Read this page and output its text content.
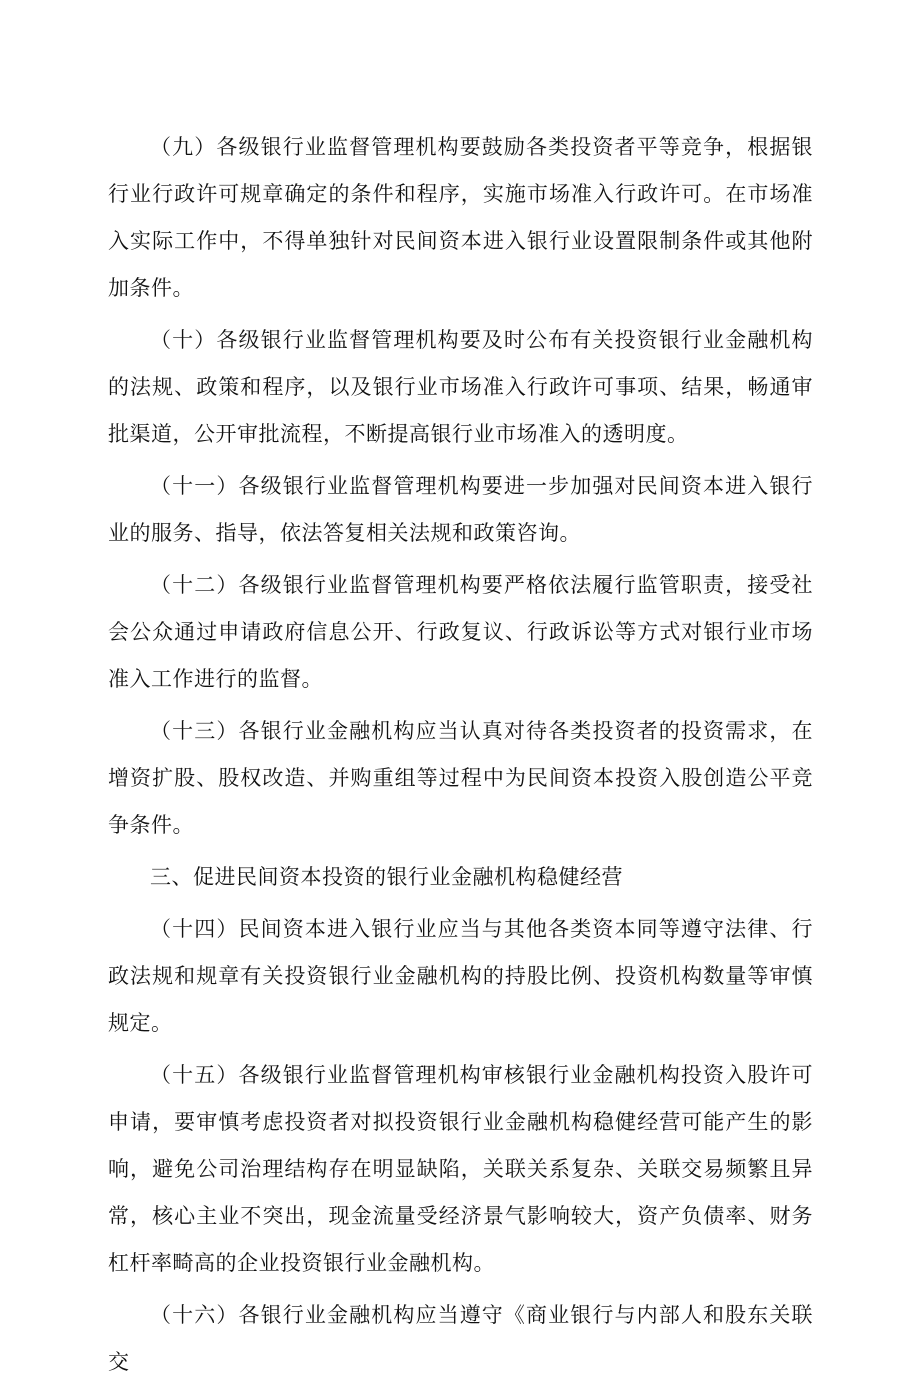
（九）各级银行业监督管理机构要鼓励各类投资者平等竞争，根据银行业行政许可规章确定的条件和程序，实施市场准入行政许可。在市场准入实际工作中，不得单独针对民间资本进入银行业设置限制条件或其他附加条件。

（十）各级银行业监督管理机构要及时公布有关投资银行业金融机构的法规、政策和程序，以及银行业市场准入行政许可事项、结果，畅通审批渠道，公开审批流程，不断提高银行业市场准入的透明度。

（十一）各级银行业监督管理机构要进一步加强对民间资本进入银行业的服务、指导，依法答复相关法规和政策咨询。

（十二）各级银行业监督管理机构要严格依法履行监管职责，接受社会公众通过申请政府信息公开、行政复议、行政诉讼等方式对银行业市场准入工作进行的监督。

（十三）各银行业金融机构应当认真对待各类投资者的投资需求，在增资扩股、股权改造、并购重组等过程中为民间资本投资入股创造公平竞争条件。

三、促进民间资本投资的银行业金融机构稳健经营

（十四）民间资本进入银行业应当与其他各类资本同等遵守法律、行政法规和规章有关投资银行业金融机构的持股比例、投资机构数量等审慎规定。

（十五）各级银行业监督管理机构审核银行业金融机构投资入股许可申请，要审慎考虑投资者对拟投资银行业金融机构稳健经营可能产生的影响，避免公司治理结构存在明显缺陷，关联关系复杂、关联交易频繁且异常，核心主业不突出，现金流量受经济景气影响较大，资产负债率、财务杠杆率畸高的企业投资银行业金融机构。

（十六）各银行业金融机构应当遵守《商业银行与内部人和股东关联交
